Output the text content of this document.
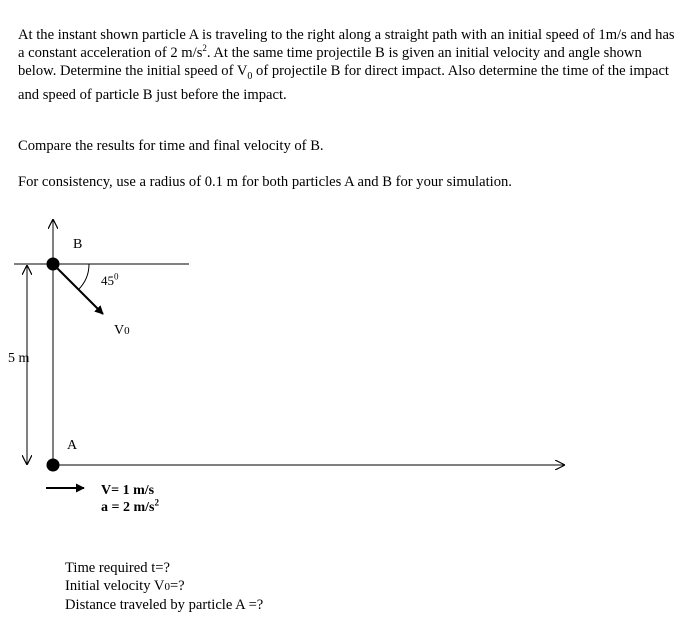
At the instant shown particle A is traveling to the right along a straight path with an initial speed of 1m/s and has a constant acceleration of 2 $m/s^2$. At the same time projectile B is given an initial velocity and angle shown below. Determine the initial speed of $V_0$ of projectile B for direct impact. Also determine the time of the impact and speed of particle B just before the impact.

Compare the results for time and final velocity of B.

For consistency, use a radius of 0.1 m for both particles A and B for your simulation.

B
A
$45^0$
V0
5 m
V= 1 m/s
a = 2 $m/s^2$
Time required t=?
Initial velocity V0=?
Distance traveled by particle A =?
